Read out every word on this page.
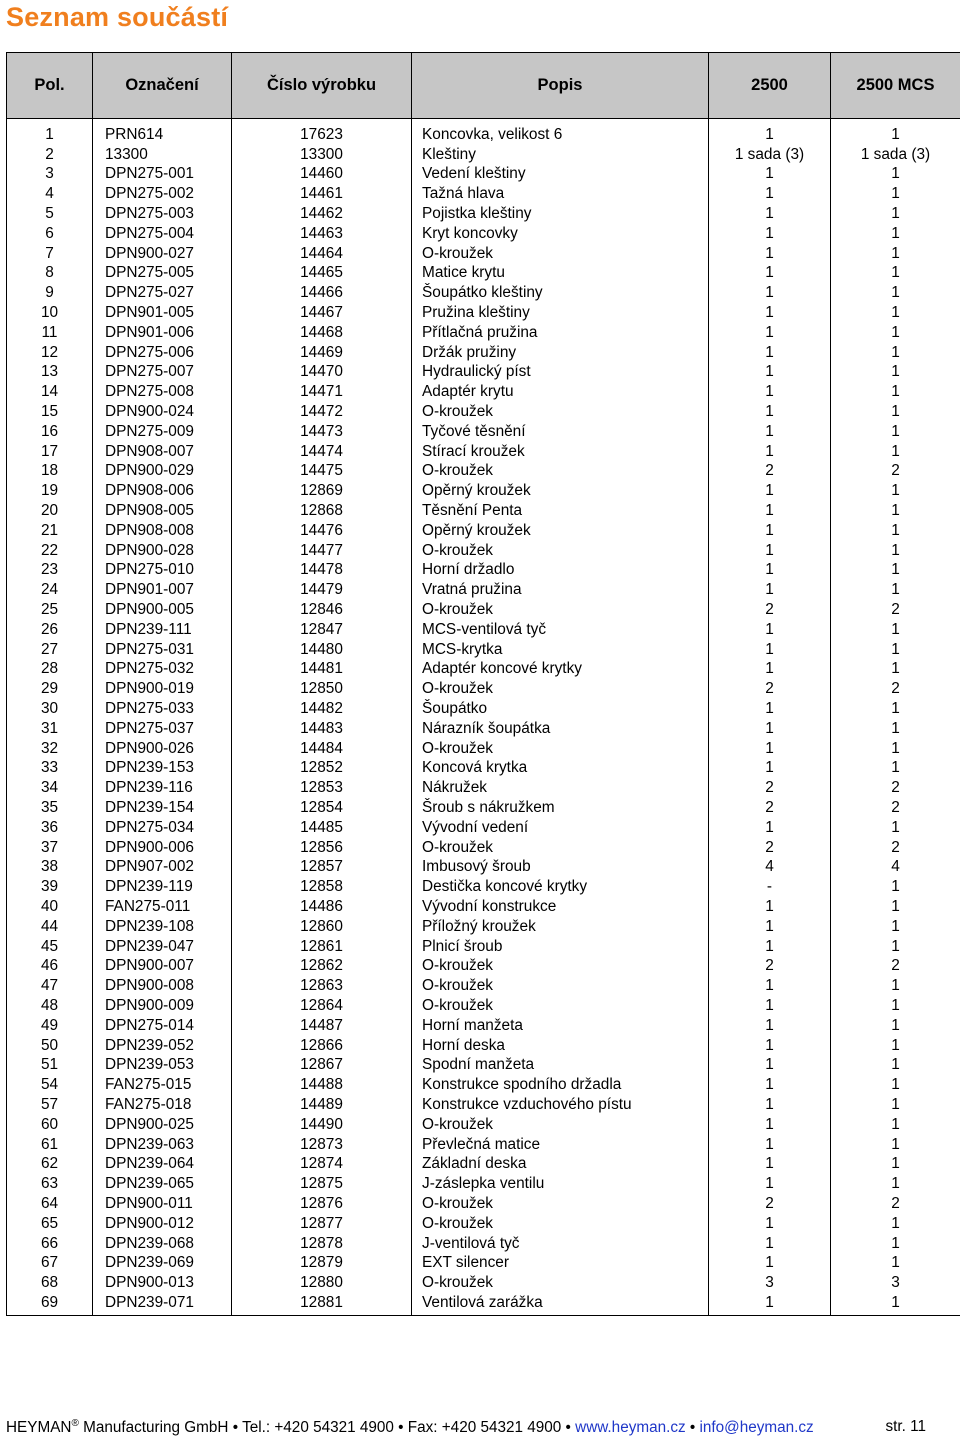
Seznam součástí
Pol.	Označení	Číslo výrobku	Popis	2500	2500 MCS

1	PRN614	17623	Koncovka, velikost 6	1	1
2	13300	13300	Kleštiny	1 sada (3)	1 sada (3)
3	DPN275-001	14460	Vedení kleštiny	1	1
4	DPN275-002	14461	Tažná hlava	1	1
5	DPN275-003	14462	Pojistka kleštiny	1	1
6	DPN275-004	14463	Kryt koncovky	1	1
7	DPN900-027	14464	O-kroužek	1	1
8	DPN275-005	14465	Matice krytu	1	1
9	DPN275-027	14466	Šoupátko kleštiny	1	1
10	DPN901-005	14467	Pružina kleštiny	1	1
11	DPN901-006	14468	Přítlačná pružina	1	1
12	DPN275-006	14469	Držák pružiny	1	1
13	DPN275-007	14470	Hydraulický píst	1	1
14	DPN275-008	14471	Adaptér krytu	1	1
15	DPN900-024	14472	O-kroužek	1	1
16	DPN275-009	14473	Tyčové těsnění	1	1
17	DPN908-007	14474	Stírací kroužek	1	1
18	DPN900-029	14475	O-kroužek	2	2
19	DPN908-006	12869	Opěrný kroužek	1	1
20	DPN908-005	12868	Těsnění Penta	1	1
21	DPN908-008	14476	Opěrný kroužek	1	1
22	DPN900-028	14477	O-kroužek	1	1
23	DPN275-010	14478	Horní držadlo	1	1
24	DPN901-007	14479	Vratná pružina	1	1
25	DPN900-005	12846	O-kroužek	2	2
26	DPN239-111	12847	MCS-ventilová tyč	1	1
27	DPN275-031	14480	MCS-krytka	1	1
28	DPN275-032	14481	Adaptér koncové krytky	1	1
29	DPN900-019	12850	O-kroužek	2	2
30	DPN275-033	14482	Šoupátko	1	1
31	DPN275-037	14483	Nárazník šoupátka	1	1
32	DPN900-026	14484	O-kroužek	1	1
33	DPN239-153	12852	Koncová krytka	1	1
34	DPN239-116	12853	Nákružek	2	2
35	DPN239-154	12854	Šroub s nákružkem	2	2
36	DPN275-034	14485	Vývodní vedení	1	1
37	DPN900-006	12856	O-kroužek	2	2
38	DPN907-002	12857	Imbusový šroub	4	4
39	DPN239-119	12858	Destička koncové krytky	-	1
40	FAN275-011	14486	Vývodní konstrukce	1	1
44	DPN239-108	12860	Příložný kroužek	1	1
45	DPN239-047	12861	Plnicí šroub	1	1
46	DPN900-007	12862	O-kroužek	2	2
47	DPN900-008	12863	O-kroužek	1	1
48	DPN900-009	12864	O-kroužek	1	1
49	DPN275-014	14487	Horní manžeta	1	1
50	DPN239-052	12866	Horní deska	1	1
51	DPN239-053	12867	Spodní manžeta	1	1
54	FAN275-015	14488	Konstrukce spodního držadla	1	1
57	FAN275-018	14489	Konstrukce vzduchového pístu	1	1
60	DPN900-025	14490	O-kroužek	1	1
61	DPN239-063	12873	Převlečná matice	1	1
62	DPN239-064	12874	Základní deska	1	1
63	DPN239-065	12875	J-záslepka ventilu	1	1
64	DPN900-011	12876	O-kroužek	2	2
65	DPN900-012	12877	O-kroužek	1	1
66	DPN239-068	12878	J-ventilová tyč	1	1
67	DPN239-069	12879	EXT silencer	1	1
68	DPN900-013	12880	O-kroužek	3	3
69	DPN239-071	12881	Ventilová zarážka	1	1
HEYMAN® Manufacturing GmbH • Tel.: +420 54321 4900 • Fax: +420 54321 4900 • www.heyman.cz • info@heyman.cz	str. 11
